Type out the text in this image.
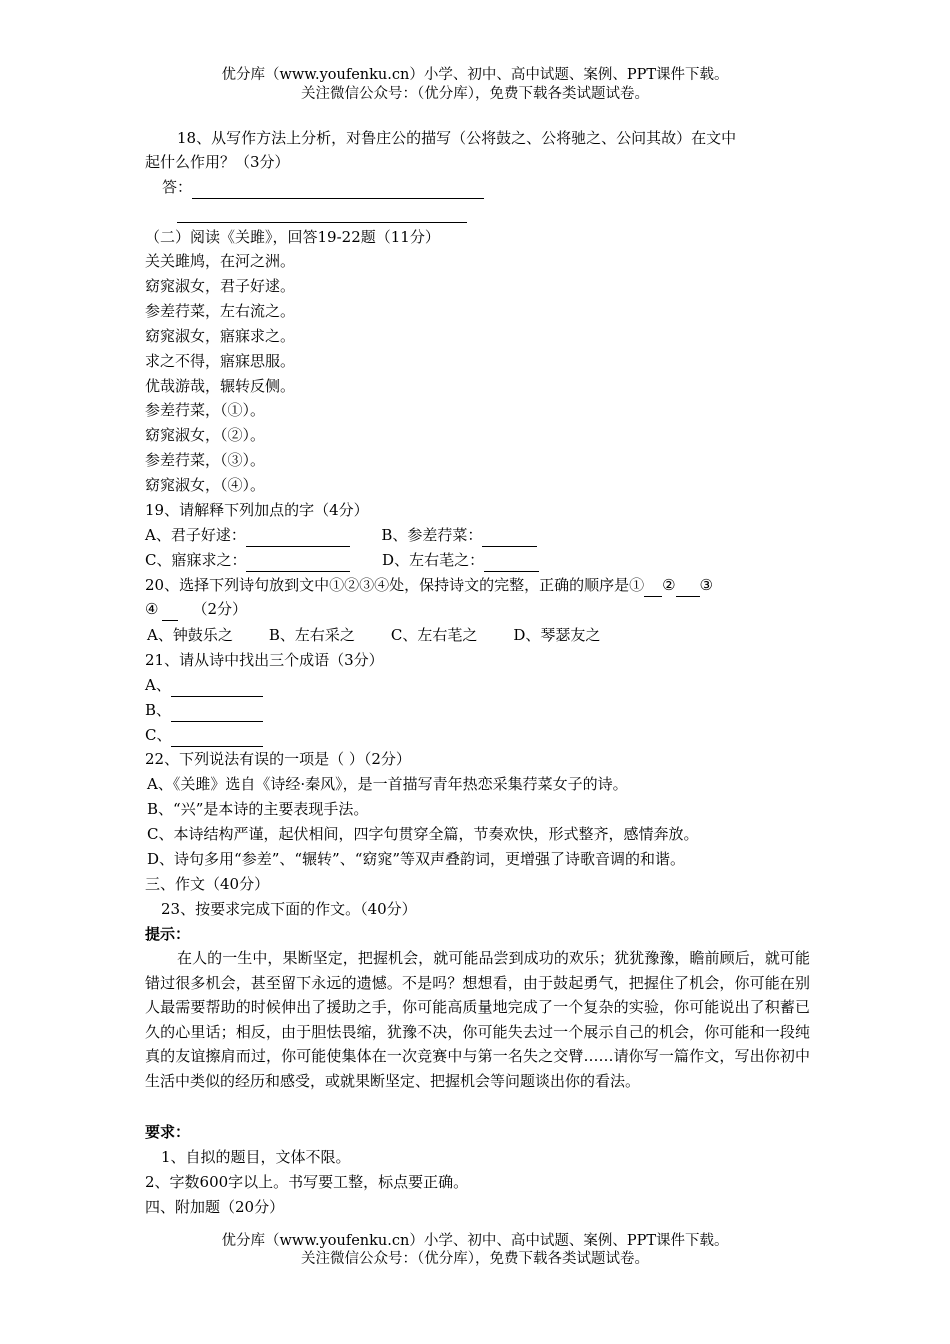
优分库（www.youfenku.cn）小学、初中、高中试题、案例、PPT课件下载。
关注微信公众号：（优分库），免费下载各类试题试卷。
18、从写作方法上分析，对鲁庄公的描写（公将鼓之、公将驰之、公问其故）在文中
起什么作用？（3分）
答：
（二）阅读《关雎》，回答19-22题（11分）
关关雎鸠，在河之洲。
窈窕淑女，君子好逑。
参差荇菜，左右流之。
窈窕淑女，寤寐求之。
求之不得，寤寐思服。
优哉游哉，辗转反侧。
参差荇菜，（①）。
窈窕淑女，（②）。
参差荇菜，（③）。
窈窕淑女，（④）。
19、请解释下列加点的字（4分）
A、君子好逑：	B、参差荇菜：
C、寤寐求之：	D、左右芼之：
20、选择下列诗句放到文中①②③④处，保持诗文的完整，正确的顺序是① ② ③
④ （2分）
A、钟鼓乐之 B、左右采之 C、左右芼之 D、琴瑟友之
21、请从诗中找出三个成语（3分）
A、
B、
C、
22、下列说法有误的一项是（ ）（2分）
A、《关雎》选自《诗经·秦风》，是一首描写青年热恋采集荇菜女子的诗。
B、“兴”是本诗的主要表现手法。
C、本诗结构严谨，起伏相间，四字句贯穿全篇，节奏欢快，形式整齐，感情奔放。
D、诗句多用“参差”、“辗转”、“窈窕”等双声叠韵词，更增强了诗歌音调的和谐。
三、作文（40分）
23、按要求完成下面的作文。（40分）
提示：
在人的一生中，果断坚定，把握机会，就可能品尝到成功的欢乐；犹犹豫豫，瞻前顾后，就可能错过很多机会，甚至留下永远的遗憾。不是吗？想想看，由于鼓起勇气，把握住了机会，你可能在别人最需要帮助的时候伸出了援助之手，你可能高质量地完成了一个复杂的实验，你可能说出了积蓄已久的心里话；相反，由于胆怯畏缩，犹豫不决，你可能失去过一个展示自己的机会，你可能和一段纯真的友谊擦肩而过，你可能使集体在一次竞赛中与第一名失之交臂……请你写一篇作文，写出你初中生活中类似的经历和感受，或就果断坚定、把握机会等问题谈出你的看法。
要求：
1、自拟的题目，文体不限。
2、字数600字以上。书写要工整，标点要正确。
四、附加题（20分）
优分库（www.youfenku.cn）小学、初中、高中试题、案例、PPT课件下载。
关注微信公众号：（优分库），免费下载各类试题试卷。
